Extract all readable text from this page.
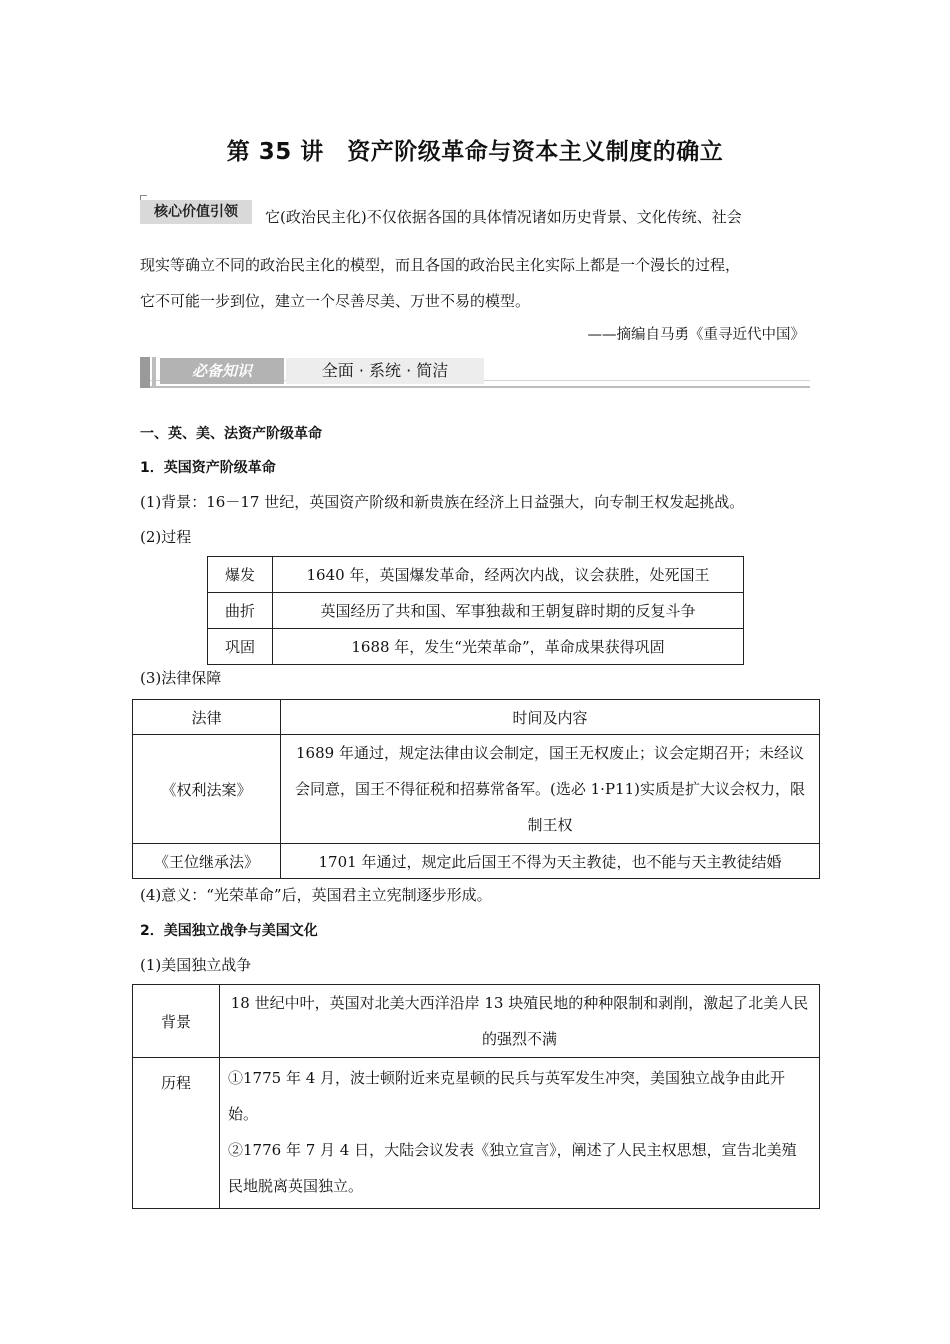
第 35 讲　资产阶级革命与资本主义制度的确立
核心价值引领	它(政治民主化)不仅依据各国的具体情况诸如历史背景、文化传统、社会
现实等确立不同的政治民主化的模型，而且各国的政治民主化实际上都是一个漫长的过程，
它不可能一步到位，建立一个尽善尽美、万世不易的模型。
——摘编自马勇《重寻近代中国》
必备知识	全面 · 系统 · 简洁
一、英、美、法资产阶级革命
1．英国资产阶级革命
(1)背景：16－17 世纪，英国资产阶级和新贵族在经济上日益强大，向专制王权发起挑战。
(2)过程
爆发	1640 年，英国爆发革命，经两次内战，议会获胜，处死国王
曲折	英国经历了共和国、军事独裁和王朝复辟时期的反复斗争
巩固	1688 年，发生“光荣革命”，革命成果获得巩固
(3)法律保障
法律	时间及内容
《权利法案》	1689 年通过，规定法律由议会制定，国王无权废止；议会定期召开；未经议会同意，国王不得征税和招募常备军。(选必 1·P11)实质是扩大议会权力，限制王权
《王位继承法》	1701 年通过，规定此后国王不得为天主教徒，也不能与天主教徒结婚
(4)意义：“光荣革命”后，英国君主立宪制逐步形成。
2．美国独立战争与美国文化
(1)美国独立战争
背景	18 世纪中叶，英国对北美大西洋沿岸 13 块殖民地的种种限制和剥削，激起了北美人民的强烈不满
历程	①1775 年 4 月，波士顿附近来克星顿的民兵与英军发生冲突，美国独立战争由此开始。
②1776 年 7 月 4 日，大陆会议发表《独立宣言》，阐述了人民主权思想，宣告北美殖民地脱离英国独立。
